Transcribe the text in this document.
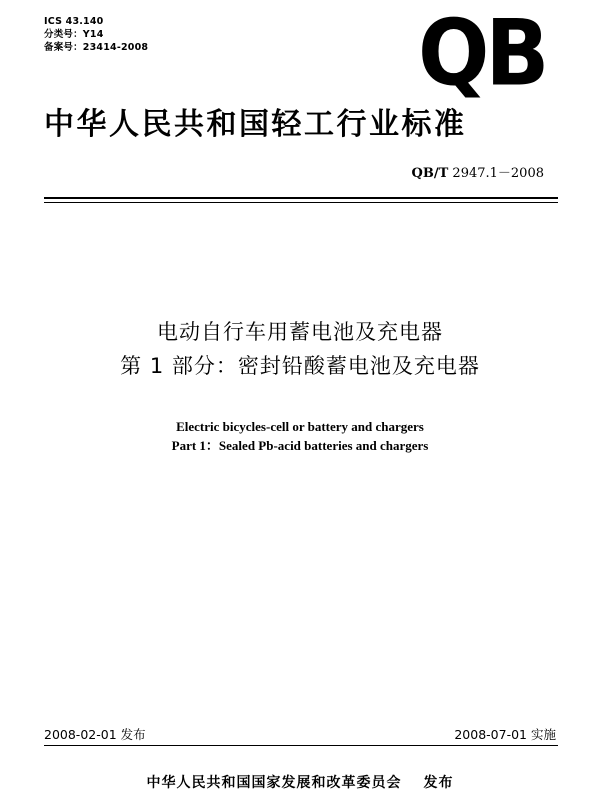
ICS 43.140
分类号：Y14
备案号：23414-2008	QB
中华人民共和国轻工行业标准
QB/T 2947.1－2008
电动自行车用蓄电池及充电器
第 1 部分：密封铅酸蓄电池及充电器
Electric bicycles-cell or battery and chargers
Part 1：Sealed Pb-acid batteries and chargers
2008-02-01 发布	2008-07-01 实施
中华人民共和国国家发展和改革委员会 发布
